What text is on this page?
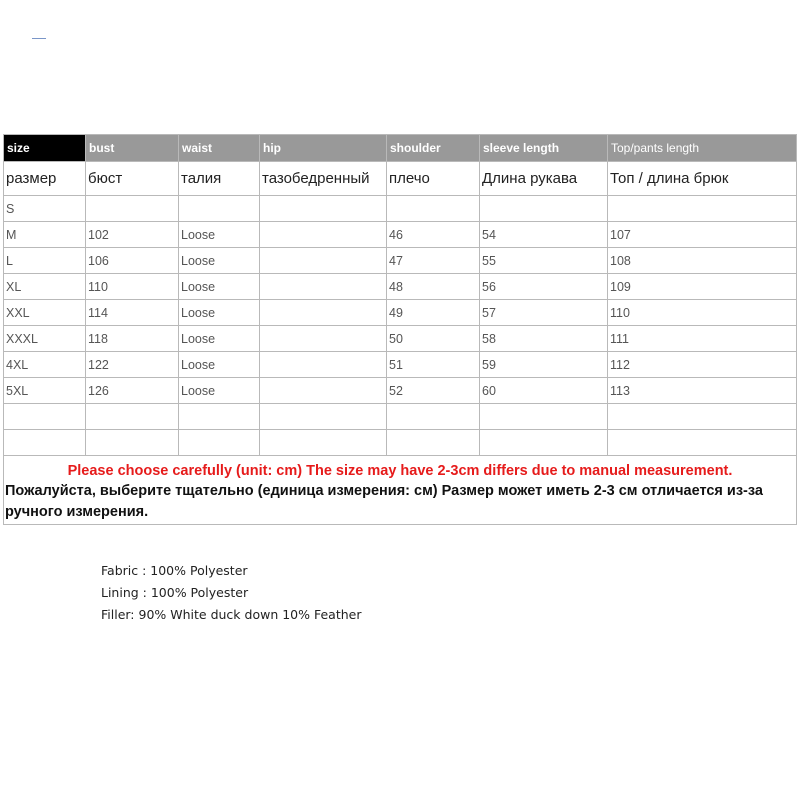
size	bust	waist	hip	shoulder	sleeve length	Top/pants length
размер	бюст	талия	тазобедренный	плечо	Длина рукава	Топ / длина брюк
S						
M	102	Loose		46	54	107
L	106	Loose		47	55	108
XL	110	Loose		48	56	109
XXL	114	Loose		49	57	110
XXXL	118	Loose		50	58	111
4XL	122	Loose		51	59	112
5XL	126	Loose		52	60	113

Please choose carefully (unit: cm) The size may have 2-3cm differs due to manual measurement.
Пожалуйста, выберите тщательно (единица измерения: см) Размер может иметь 2-3 см отличается из-за ручного измерения.						
Fabric : 100% Polyester
Lining : 100% Polyester
Filler: 90% White duck down 10% Feather
